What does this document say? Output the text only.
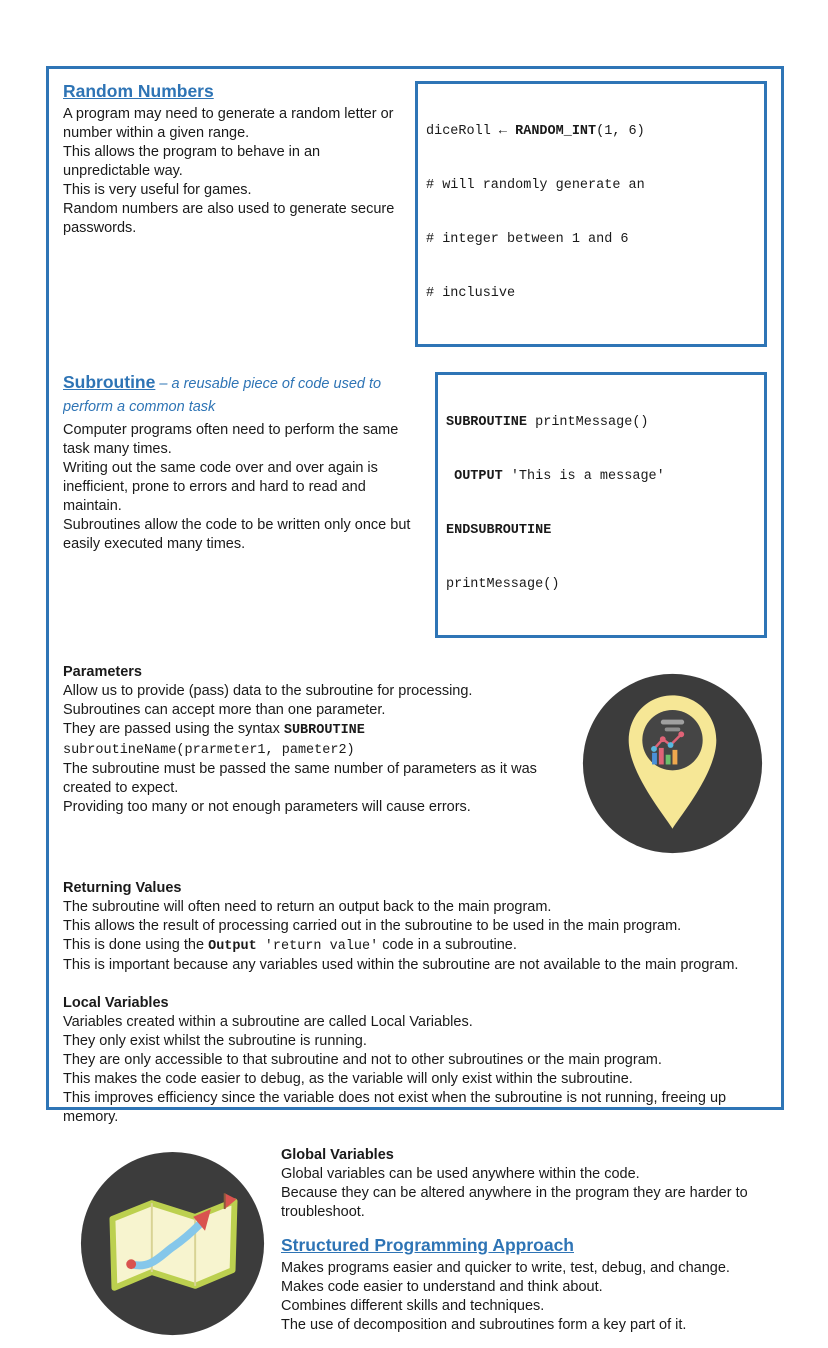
diceRoll ← RANDOM_INT(1, 6)

# will randomly generate an

# integer between 1 and 6

# inclusive

Random Numbers

A program may need to generate a random letter or number within a given range.

This allows the program to behave in an unpredictable way.

This is very useful for games.

Random numbers are also used to generate secure passwords.

SUBROUTINE printMessage()

OUTPUT 'This is a message'

ENDSUBROUTINE

printMessage()

Subroutine – a reusable piece of code used to perform a common task

Computer programs often need to perform the same task many times.

Writing out the same code over and over again is inefficient, prone to errors and hard to read and maintain.

Subroutines allow the code to be written only once but easily executed many times.

Parameters

Allow us to provide (pass) data to the subroutine for processing.

Subroutines can accept more than one parameter.

They are passed using the syntax SUBROUTINE subroutineName(prarmeter1, pameter2)

The subroutine must be passed the same number of parameters as it was created to expect.

Providing too many or not enough parameters will cause errors.

Returning Values

The subroutine will often need to return an output back to the main program.

This allows the result of processing carried out in the subroutine to be used in the main program.

This is done using the Output 'return value' code in a subroutine.

This is important because any variables used within the subroutine are not available to the main program.

Local Variables

Variables created within a subroutine are called Local Variables.

They only exist whilst the subroutine is running.

They are only accessible to that subroutine and not to other subroutines or the main program.

This makes the code easier to debug, as the variable will only exist within the subroutine.

This improves efficiency since the variable does not exist when the subroutine is not running, freeing up memory.

Global Variables

Global variables can be used anywhere within the code.

Because they can be altered anywhere in the program they are harder to troubleshoot.

Structured Programming Approach

Makes programs easier and quicker to write, test, debug, and change.

Makes code easier to understand and think about.

Combines different skills and techniques.

The use of decomposition and subroutines form a key part of it.
